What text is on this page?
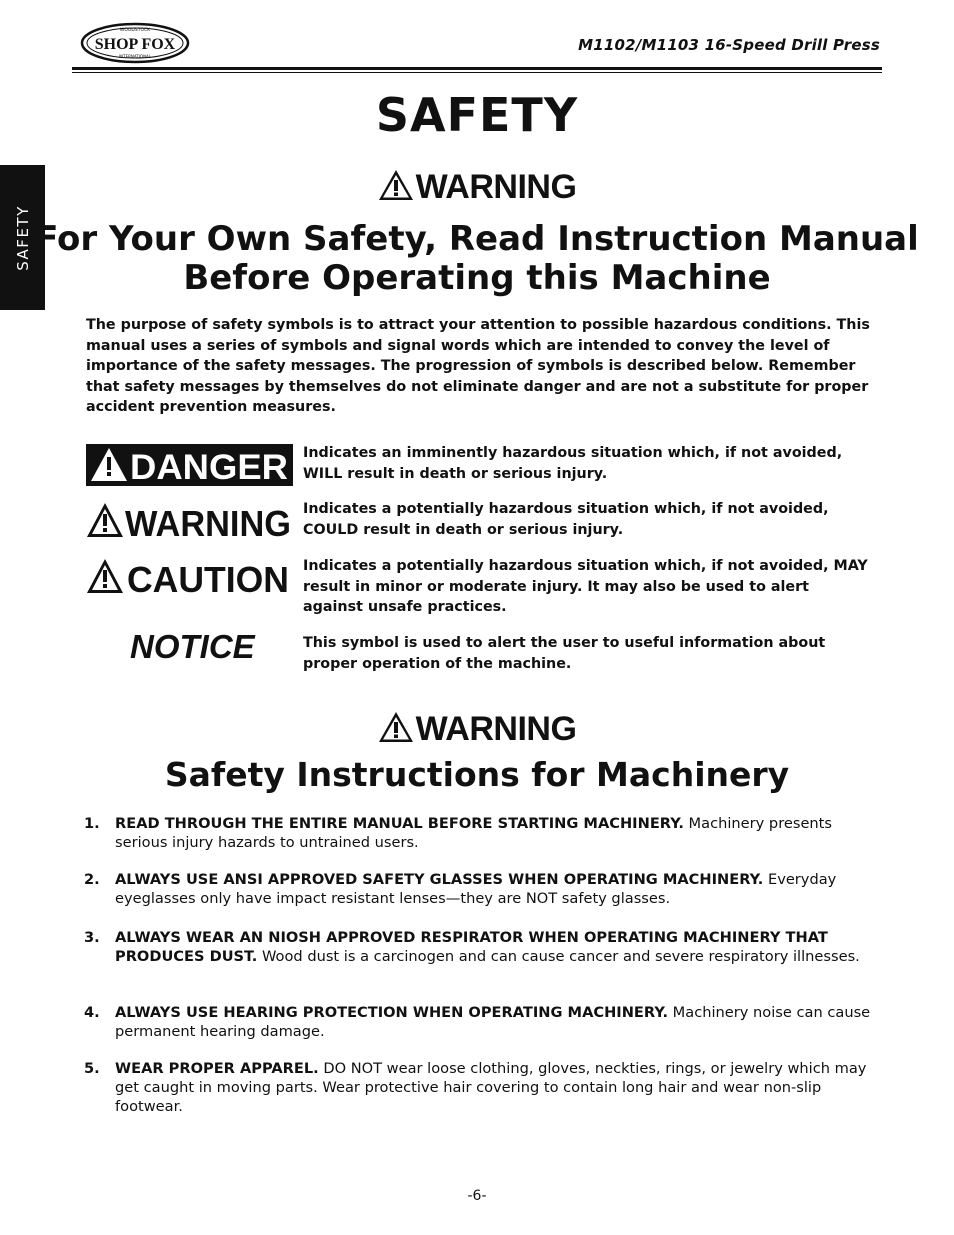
WOODSTOCK
SHOP FOX
INTERNATIONAL
M1102/M1103 16-Speed Drill Press
SAFETY
SAFETY
WARNING
For Your Own Safety, Read Instruction Manual
Before Operating this Machine
The purpose of safety symbols is to attract your attention to possible hazardous conditions. This manual uses a series of symbols and signal words which are intended to convey the level of importance of the safety messages. The progression of symbols is described below. Remember that safety messages by themselves do not eliminate danger and are not a substitute for proper accident prevention measures.
DANGER Indicates an imminently hazardous situation which, if not avoided, WILL result in death or serious injury.
WARNING Indicates a potentially hazardous situation which, if not avoided, COULD result in death or serious injury.
CAUTION Indicates a potentially hazardous situation which, if not avoided, MAY result in minor or moderate injury. It may also be used to alert against unsafe practices.
NOTICE	This symbol is used to alert the user to useful information about proper operation of the machine.
WARNING
Safety Instructions for Machinery
1. READ THROUGH THE ENTIRE MANUAL BEFORE STARTING MACHINERY. Machinery presents serious injury hazards to untrained users.
2. ALWAYS USE ANSI APPROVED SAFETY GLASSES WHEN OPERATING MACHINERY. Everyday eyeglasses only have impact resistant lenses—they are NOT safety glasses.
3. ALWAYS WEAR AN NIOSH APPROVED RESPIRATOR WHEN OPERATING MACHINERY THAT PRODUCES DUST. Wood dust is a carcinogen and can cause cancer and severe respiratory illnesses.
4. ALWAYS USE HEARING PROTECTION WHEN OPERATING MACHINERY. Machinery noise can cause permanent hearing damage.
5. WEAR PROPER APPAREL. DO NOT wear loose clothing, gloves, neckties, rings, or jewelry which may get caught in moving parts. Wear protective hair covering to contain long hair and wear non-slip footwear.
-6-
